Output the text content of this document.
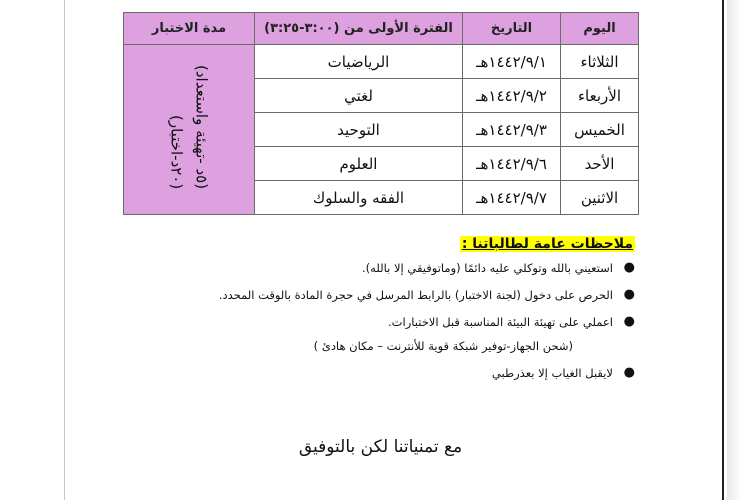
اليوم	التاريخ	الفترة الأولى من (٣:٠٠-٣:٢٥)	مدة الاختبار
الثلاثاء	١٤٤٢/٩/١هـ	الرياضيات	(٥د -تهيئة واستعداد) (٢٠د-اختبار)
الأربعاء	١٤٤٢/٩/٢هـ	لغتي	
الخميس	١٤٤٢/٩/٣هـ	التوحيد	
الأحد	١٤٤٢/٩/٦هـ	العلوم	
الاثنين	١٤٤٢/٩/٧هـ	الفقه والسلوك	
ملاحظات عامة لطالباتنا :
●
استعيني بالله وتوكلي عليه دائمًا (وماتوفيقي إلا بالله).
●
الحرص على دخول (لجنة الاختبار) بالرابط المرسل في حجرة المادة بالوقت المحدد.
●
اعملي على تهيئة البيئة المناسبة قبل الاختبارات.
(شحن الجهاز-توفير شبكة قوية للأنترنت – مكان هادئ )
●
لايقبل الغياب إلا بعذرطبي
مع تمنياتنا لكن بالتوفيق
